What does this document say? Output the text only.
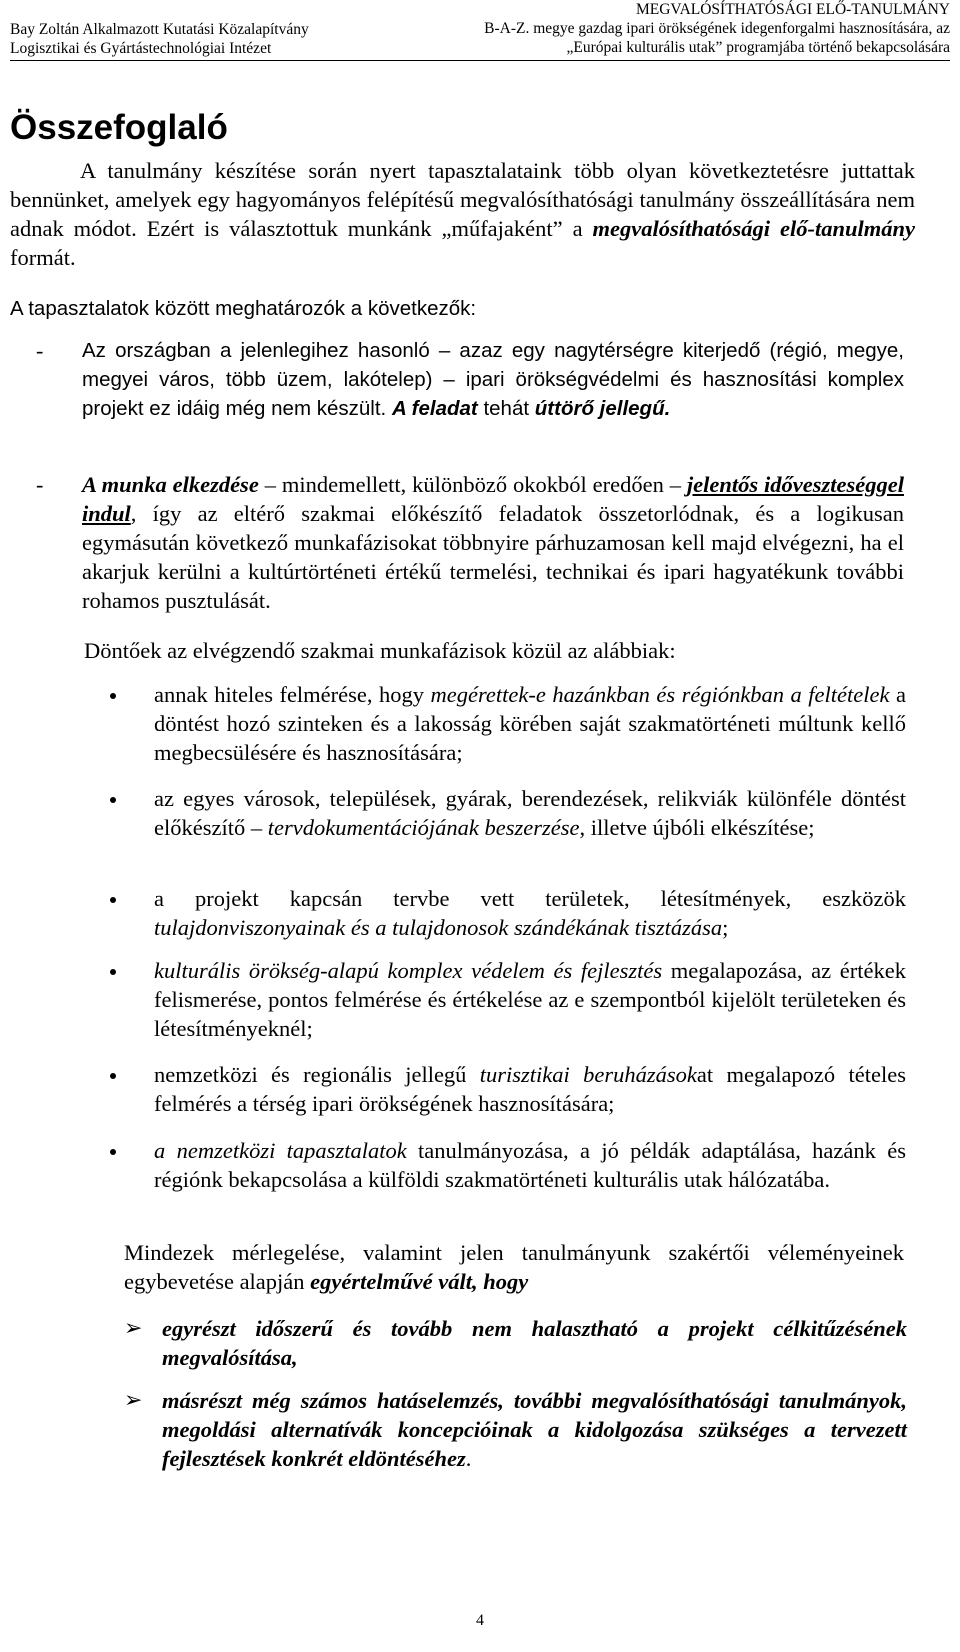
MEGVALÓSÍTHATÓSÁGI ELŐ-TANULMÁNY
B-A-Z. megye gazdag ipari örökségének idegenforgalmi hasznosítására, az
„Európai kulturális utak” programjába történő bekapcsolására
Bay Zoltán Alkalmazott Kutatási Közalapítvány
Logisztikai és Gyártástechnológiai Intézet
Összefoglaló

A tanulmány készítése során nyert tapasztalataink több olyan következtetésre juttattak bennünket, amelyek egy hagyományos felépítésű megvalósíthatósági tanulmány összeállítására nem adnak módot. Ezért is választottuk munkánk „műfajaként” a megvalósíthatósági elő-tanulmány formát.

A tapasztalatok között meghatározók a következők:

- Az országban a jelenlegihez hasonló – azaz egy nagytérségre kiterjedő (régió, megye, megyei város, több üzem, lakótelep) – ipari örökségvédelmi és hasznosítási komplex projekt ez idáig még nem készült. A feladat tehát úttörő jellegű.
- A munka elkezdése – mindemellett, különböző okokból eredően – jelentős időveszteséggel indul, így az eltérő szakmai előkészítő feladatok összetorlódnak, és a logikusan egymásután következő munkafázisokat többnyire párhuzamosan kell majd elvégezni, ha el akarjuk kerülni a kultúrtörténeti értékű termelési, technikai és ipari hagyatékunk további rohamos pusztulását.

Döntőek az elvégzendő szakmai munkafázisok közül az alábbiak:

annak hiteles felmérése, hogy megérettek-e hazánkban és régiónkban a feltételek a döntést hozó szinteken és a lakosság körében saját szakmatörténeti múltunk kellő megbecsülésére és hasznosítására;
az egyes városok, települések, gyárak, berendezések, relikviák különféle döntést előkészítő – tervdokumentációjának beszerzése, illetve újbóli elkészítése;
a projekt kapcsán tervbe vett területek, létesítmények, eszközök tulajdonviszonyainak és a tulajdonosok szándékának tisztázása;
kulturális örökség-alapú komplex védelem és fejlesztés megalapozása, az értékek felismerése, pontos felmérése és értékelése az e szempontból kijelölt területeken és létesítményeknél;
nemzetközi és regionális jellegű turisztikai beruházásokat megalapozó tételes felmérés a térség ipari örökségének hasznosítására;
a nemzetközi tapasztalatok tanulmányozása, a jó példák adaptálása, hazánk és régiónk bekapcsolása a külföldi szakmatörténeti kulturális utak hálózatába.

Mindezek mérlegelése, valamint jelen tanulmányunk szakértői véleményeinek egybevetése alapján egyértelművé vált, hogy

➢ egyrészt időszerű és tovább nem halasztható a projekt célkitűzésének megvalósítása,
➢ másrészt még számos hatáselemzés, további megvalósíthatósági tanulmányok, megoldási alternatívák koncepcióinak a kidolgozása szükséges a tervezett fejlesztések konkrét eldöntéséhez.
4
